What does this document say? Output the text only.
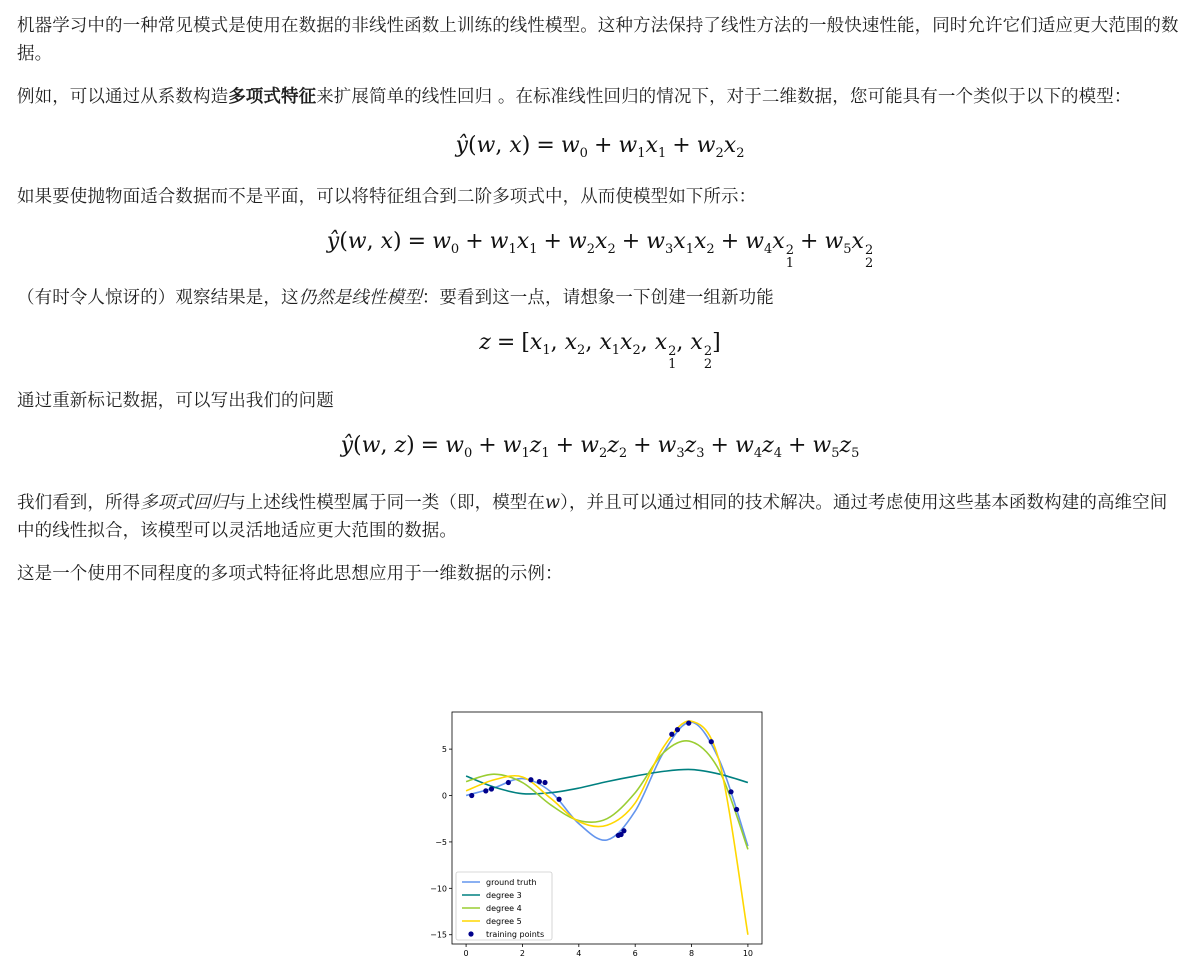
机器学习中的一种常见模式是使用在数据的非线性函数上训练的线性模型。这种方法保持了线性方法的一般快速性能，同时允许它们适应更大范围的数据。

例如，可以通过从系数构造多项式特征来扩展简单的线性回归 。在标准线性回归的情况下，对于二维数据，您可能具有一个类似于以下的模型：

ŷ(w, $x) = w_0 + w_1x_1 + w_2x_2$

如果要使抛物面适合数据而不是平面，可以将特征组合到二阶多项式中，从而使模型如下所示：

ŷ(w, $x) = w_0 + w_1x_1 + w_2x_2 + w_3x_1x_2 + w_4x$ 2
1
+ $w_5x$ 2
2

（有时令人惊讶的）观察结果是，这仍然是线性模型：要看到这一点，请想象一下创建一组新功能

$z = [x_1$, $x_2$, $x_1x_2$, x 2
1
, x 2
2
]

通过重新标记数据，可以写出我们的问题

ŷ(w, $z) = w_0 + w_1z_1 + w_2z_2 + w_3z_3 + w_4z_4 + w_5z_5$

我们看到，所得多项式回归与上述线性模型属于同一类（即，模型在w），并且可以通过相同的技术解决。通过考虑使用这些基本函数构建的高维空间中的线性拟合，该模型可以灵活地适应更大范围的数据。

这是一个使用不同程度的多项式特征将此思想应用于一维数据的示例：

0	2	4	6	8	10
−15
−10
−5
0
5
ground truth
degree 3
degree 4
degree 5
training points
